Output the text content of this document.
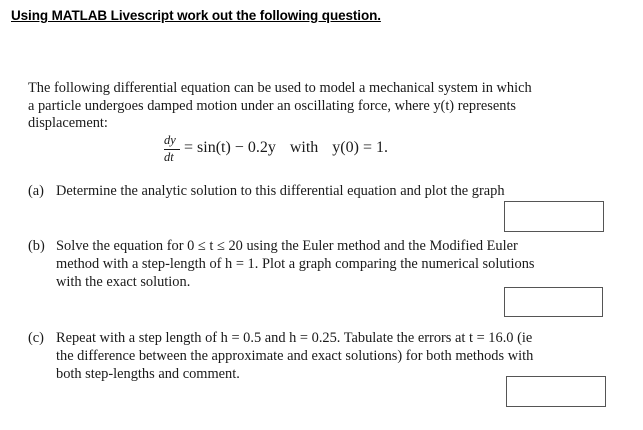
Using MATLAB Livescript work out the following question.
The following differential equation can be used to model a mechanical system in which
a particle undergoes damped motion under an oscillating force, where y(t) represents
displacement:
dy
dt
= sin(t) − 0.2y with y(0) = 1.
(a) Determine the analytic solution to this differential equation and plot the graph
(b) Solve the equation for 0 ≤ t ≤ 20 using the Euler method and the Modified Euler
method with a step-length of h = 1. Plot a graph comparing the numerical solutions
with the exact solution.
(c) Repeat with a step length of h = 0.5 and h = 0.25. Tabulate the errors at t = 16.0 (ie
the difference between the approximate and exact solutions) for both methods with
both step-lengths and comment.
